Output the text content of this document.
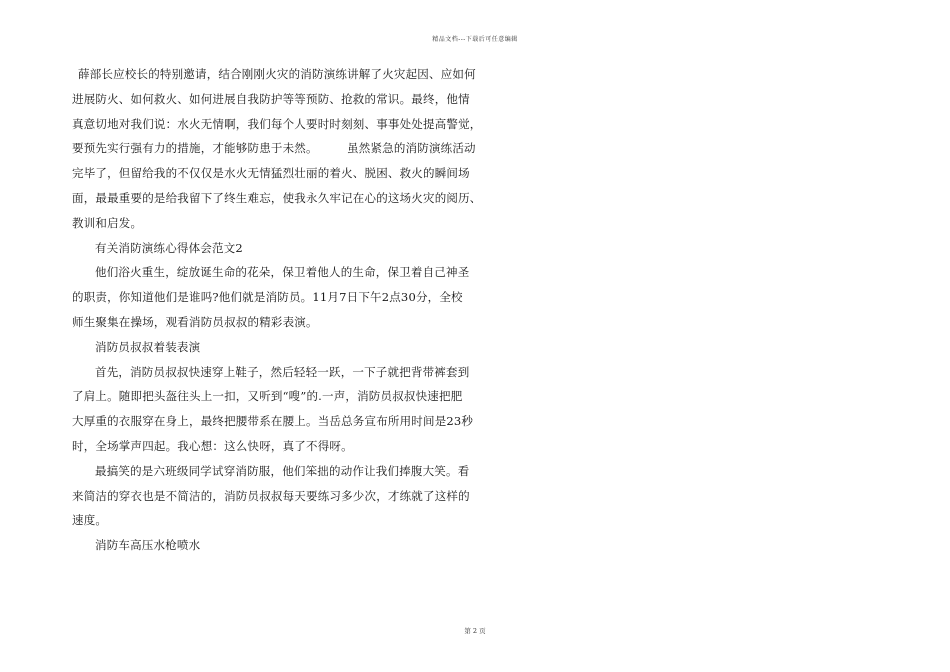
精品文档---下载后可任意编辑
薛部长应校长的特别邀请，结合刚刚火灾的消防演练讲解了火灾起因、应如何
进展防火、如何救火、如何进展自我防护等等预防、抢救的常识。最终，他情
真意切地对我们说：水火无情啊，我们每个人要时时刻刻、事事处处提高警觉，
要预先实行强有力的措施，才能够防患于未然。　　　虽然紧急的消防演练活动
完毕了，但留给我的不仅仅是水火无情猛烈壮丽的着火、脱困、救火的瞬间场
面，最最重要的是给我留下了终生难忘，使我永久牢记在心的这场火灾的阅历、
教训和启发。
有关消防演练心得体会范文2
他们浴火重生，绽放诞生命的花朵，保卫着他人的生命，保卫着自己神圣
的职责，你知道他们是谁吗?他们就是消防员。11月7日下午2点30分，全校
师生聚集在操场，观看消防员叔叔的精彩表演。
消防员叔叔着装表演
首先，消防员叔叔快速穿上鞋子，然后轻轻一跃，一下子就把背带裤套到
了肩上。随即把头盔往头上一扣，又听到“嗖”的.一声，消防员叔叔快速把肥
大厚重的衣服穿在身上，最终把腰带系在腰上。当岳总务宣布所用时间是23秒
时，全场掌声四起。我心想：这么快呀，真了不得呀。
最搞笑的是六班级同学试穿消防服，他们笨拙的动作让我们捧腹大笑。看
来简洁的穿衣也是不简洁的，消防员叔叔每天要练习多少次，才练就了这样的
速度。
消防车高压水枪喷水
第 2 页
